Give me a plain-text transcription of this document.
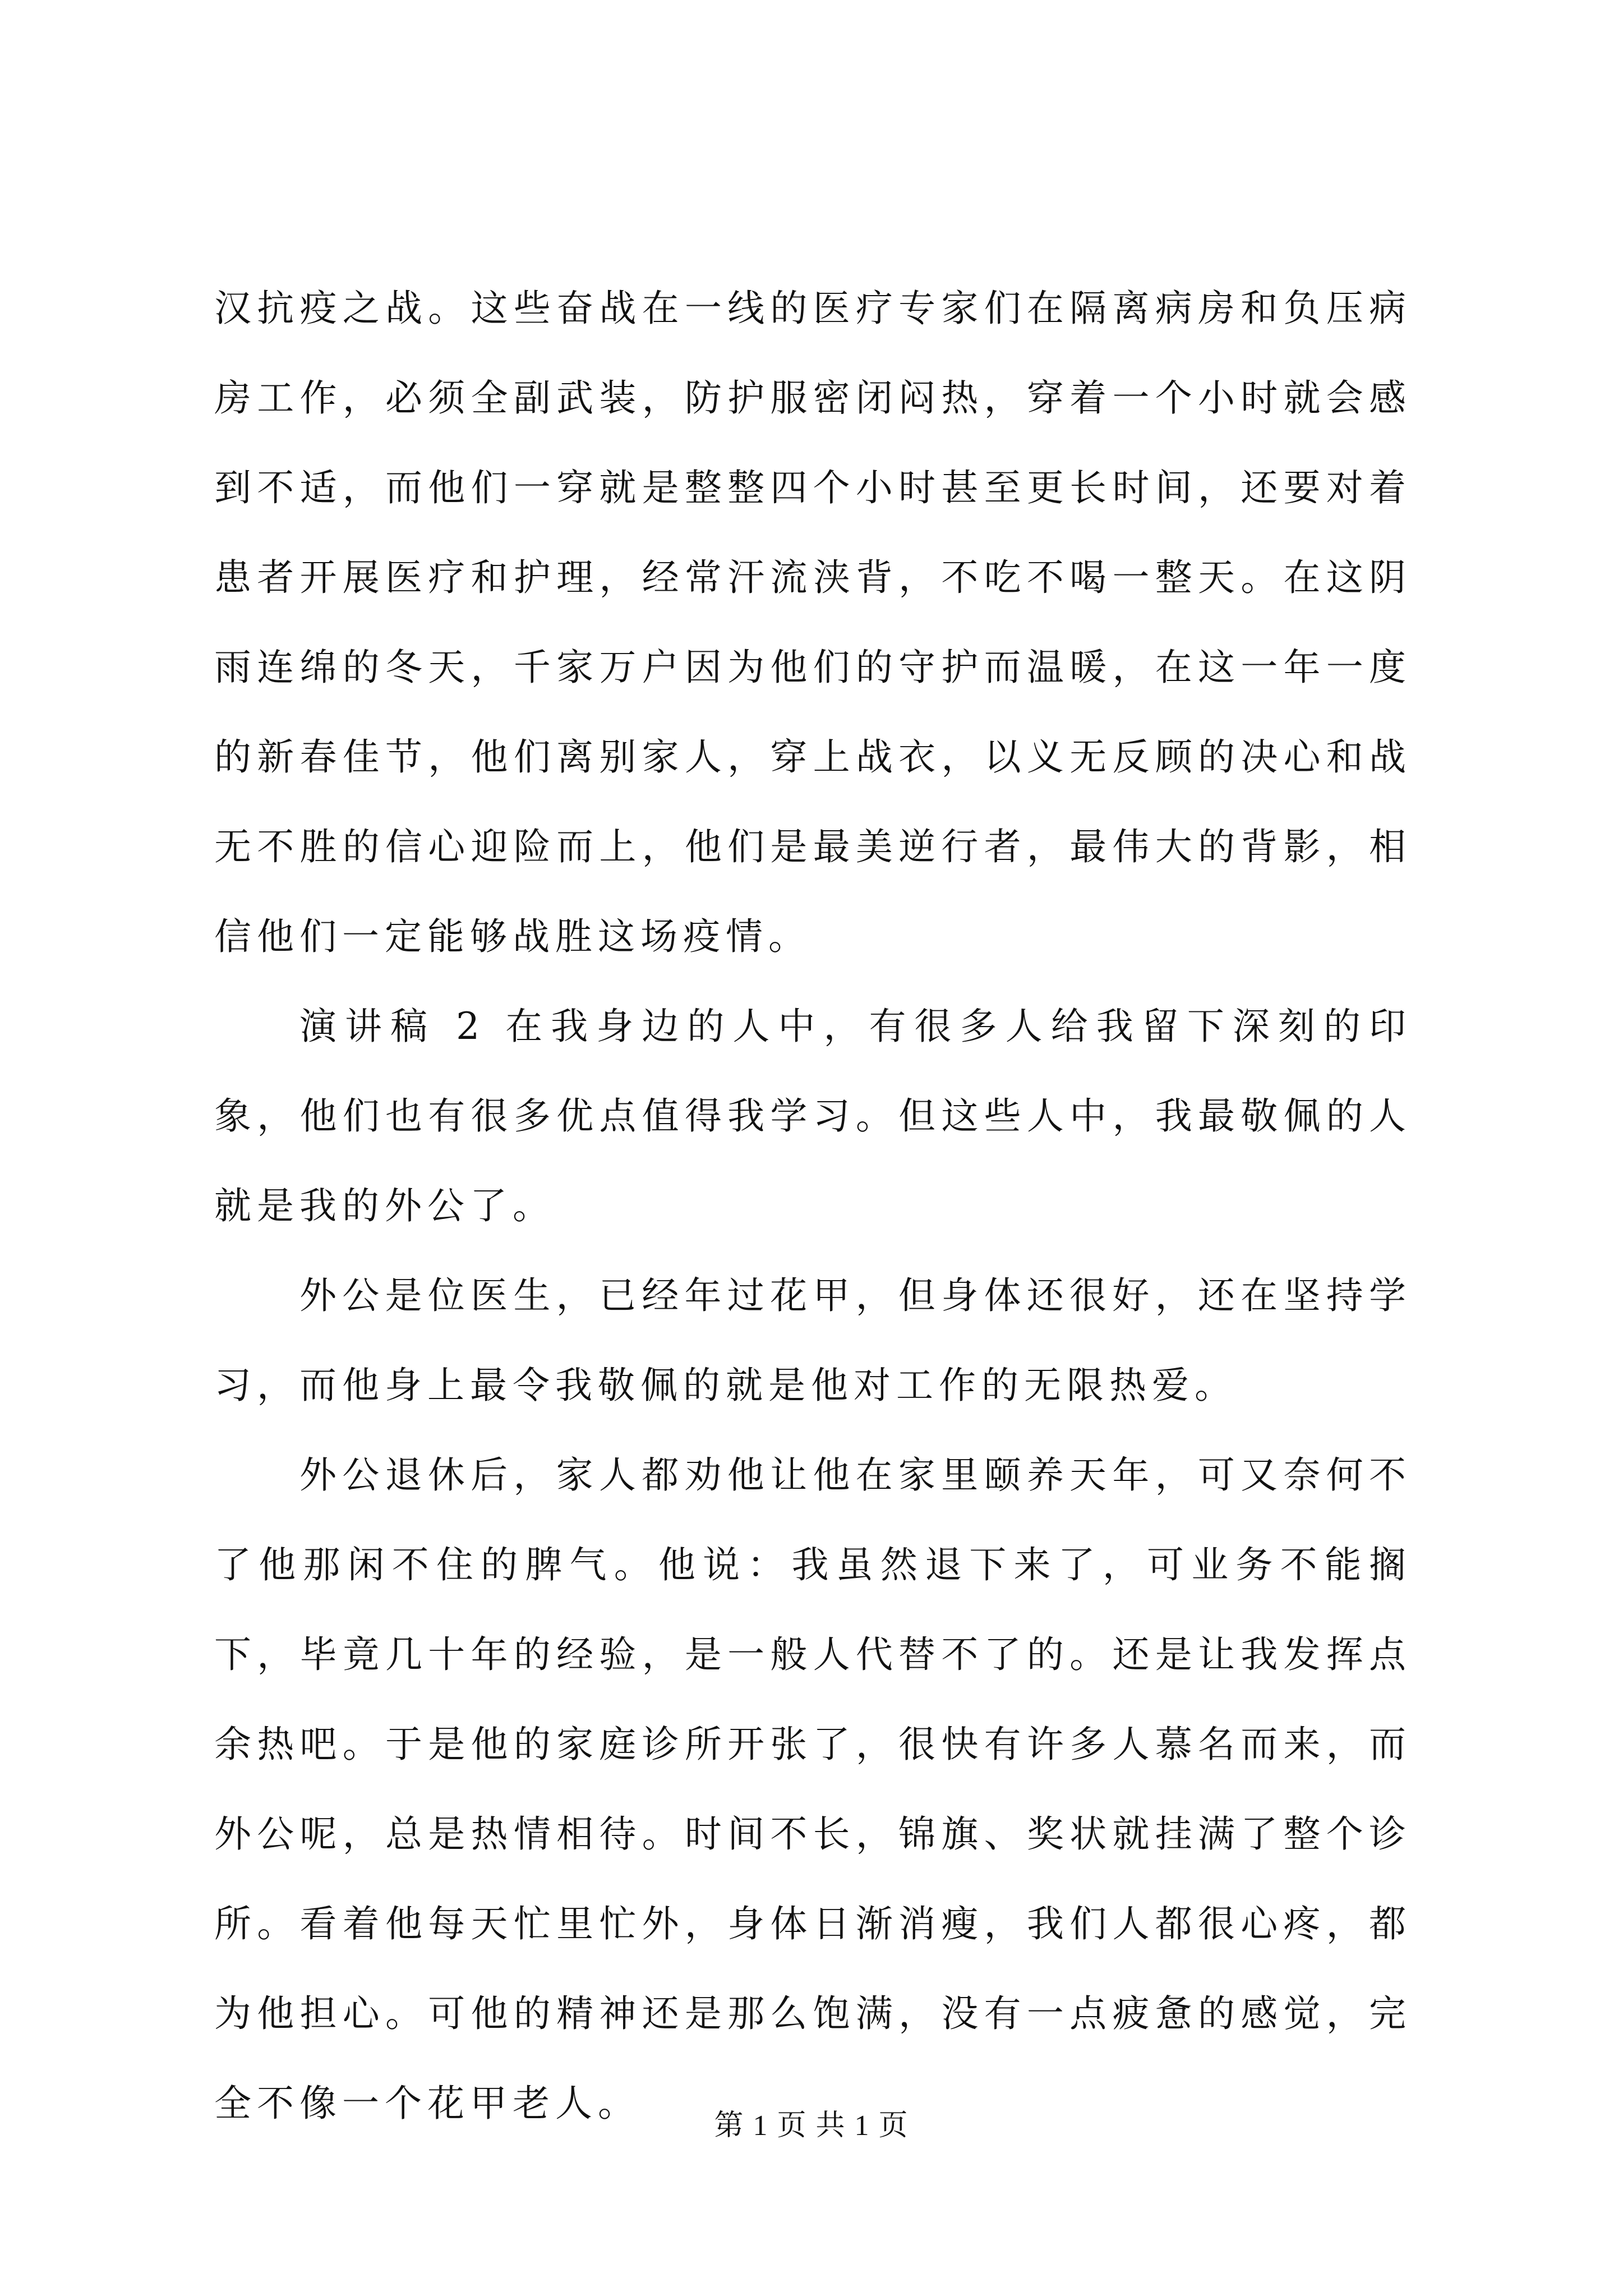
汉抗疫之战。这些奋战在一线的医疗专家们在隔离病房和负压病房工作，必须全副武装，防护服密闭闷热，穿着一个小时就会感到不适，而他们一穿就是整整四个小时甚至更长时间，还要对着患者开展医疗和护理，经常汗流浃背，不吃不喝一整天。在这阴雨连绵的冬天，千家万户因为他们的守护而温暖，在这一年一度的新春佳节，他们离别家人，穿上战衣，以义无反顾的决心和战无不胜的信心迎险而上，他们是最美逆行者，最伟大的背影，相信他们一定能够战胜这场疫情。

演讲稿 2 在我身边的人中，有很多人给我留下深刻的印象，他们也有很多优点值得我学习。但这些人中，我最敬佩的人就是我的外公了。

外公是位医生，已经年过花甲，但身体还很好，还在坚持学习，而他身上最令我敬佩的就是他对工作的无限热爱。

外公退休后，家人都劝他让他在家里颐养天年，可又奈何不了他那闲不住的脾气。他说：我虽然退下来了，可业务不能搁下，毕竟几十年的经验，是一般人代替不了的。还是让我发挥点余热吧。于是他的家庭诊所开张了，很快有许多人慕名而来，而外公呢，总是热情相待。时间不长，锦旗、奖状就挂满了整个诊所。看着他每天忙里忙外，身体日渐消瘦，我们人都很心疼，都为他担心。可他的精神还是那么饱满，没有一点疲惫的感觉，完全不像一个花甲老人。

第 1 页 共 1 页
